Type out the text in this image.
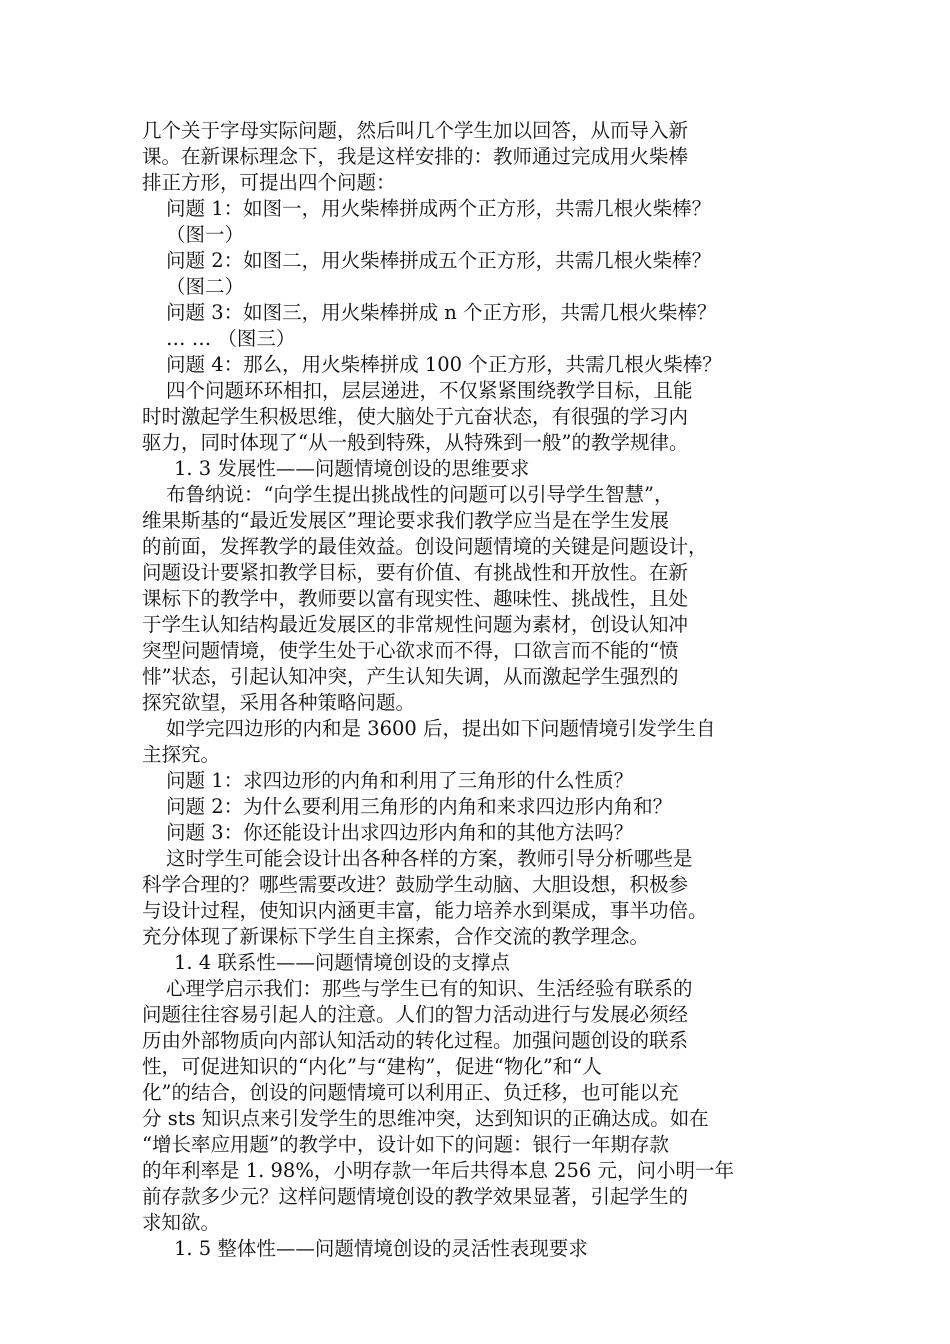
几个关于字母实际问题，然后叫几个学生加以回答，从而导入新
课。在新课标理念下，我是这样安排的：教师通过完成用火柴棒
排正方形，可提出四个问题：
问题 1：如图一，用火柴棒拼成两个正方形，共需几根火柴棒？
（图一）
问题 2：如图二，用火柴棒拼成五个正方形，共需几根火柴棒？
（图二）
问题 3：如图三，用火柴棒拼成 n 个正方形，共需几根火柴棒？
… … （图三）
问题 4：那么，用火柴棒拼成 100 个正方形，共需几根火柴棒？
四个问题环环相扣，层层递进，不仅紧紧围绕教学目标，且能
时时激起学生积极思维，使大脑处于亢奋状态，有很强的学习内
驱力，同时体现了“从一般到特殊，从特殊到一般”的教学规律。
1. 3 发展性——问题情境创设的思维要求
布鲁纳说：“向学生提出挑战性的问题可以引导学生智慧”，
维果斯基的“最近发展区”理论要求我们教学应当是在学生发展
的前面，发挥教学的最佳效益。创设问题情境的关键是问题设计，
问题设计要紧扣教学目标，要有价值、有挑战性和开放性。在新
课标下的教学中，教师要以富有现实性、趣味性、挑战性，且处
于学生认知结构最近发展区的非常规性问题为素材，创设认知冲
突型问题情境，使学生处于心欲求而不得，口欲言而不能的“愤
悱”状态，引起认知冲突，产生认知失调，从而激起学生强烈的
探究欲望，采用各种策略问题。
如学完四边形的内和是 3600 后，提出如下问题情境引发学生自
主探究。
问题 1：求四边形的内角和利用了三角形的什么性质？
问题 2：为什么要利用三角形的内角和来求四边形内角和？
问题 3：你还能设计出求四边形内角和的其他方法吗？
这时学生可能会设计出各种各样的方案，教师引导分析哪些是
科学合理的？哪些需要改进？鼓励学生动脑、大胆设想，积极参
与设计过程，使知识内涵更丰富，能力培养水到渠成，事半功倍。
充分体现了新课标下学生自主探索，合作交流的教学理念。
1. 4 联系性——问题情境创设的支撑点
心理学启示我们：那些与学生已有的知识、生活经验有联系的
问题往往容易引起人的注意。人们的智力活动进行与发展必须经
历由外部物质向内部认知活动的转化过程。加强问题创设的联系
性，可促进知识的“内化”与“建构”，促进“物化”和“人
化”的结合，创设的问题情境可以利用正、负迁移，也可能以充
分 sts 知识点来引发学生的思维冲突，达到知识的正确达成。如在
“增长率应用题”的教学中，设计如下的问题：银行一年期存款
的年利率是 1. 98%，小明存款一年后共得本息 256 元，问小明一年
前存款多少元？这样问题情境创设的教学效果显著，引起学生的
求知欲。
1. 5 整体性——问题情境创设的灵活性表现要求
